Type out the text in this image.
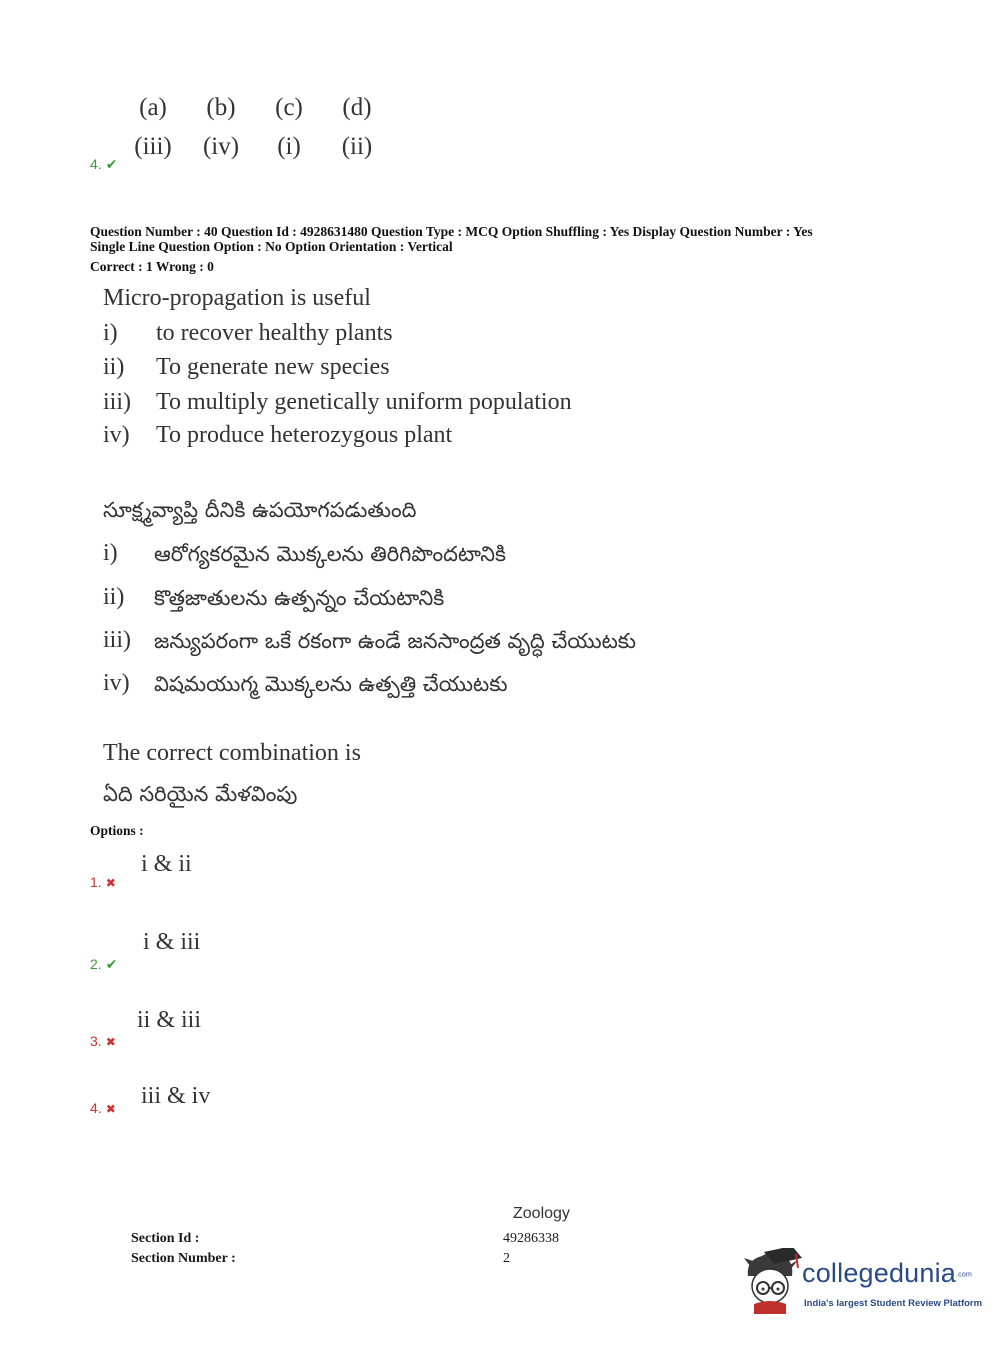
(a)	(b)	(c)	(d)
(iii)	(iv)	(i)	(ii)
4. ✔
Question Number : 40 Question Id : 4928631480 Question Type : MCQ Option Shuffling : Yes Display Question Number : Yes
Single Line Question Option : No Option Orientation : Vertical
Correct : 1 Wrong : 0
Micro-propagation is useful
i) to recover healthy plants
ii) To generate new species
iii) To multiply genetically uniform population
iv) To produce heterozygous plant
సూక్ష్మవ్యాప్తి దీనికి ఉపయోగపడుతుంది
i) ఆరోగ్యకరమైన మొక్కలను తిరిగిపొందటానికి
ii) కొత్తజాతులను ఉత్పన్నం చేయటానికి
iii) జన్యుపరంగా ఒకే రకంగా ఉండే జనసాంద్రత వృద్ధి చేయుటకు
iv) విషమయుగ్మ మొక్కలను ఉత్పత్తి చేయుటకు
The correct combination is
ఏది సరియైన మేళవింపు
Options :
i & ii
1. ✖
i & iii
2. ✔
ii & iii
3. ✖
iii & iv
4. ✖
Zoology
Section Id :	49286338
Section Number :	2	collegedunia.com
India's largest Student Review Platform
